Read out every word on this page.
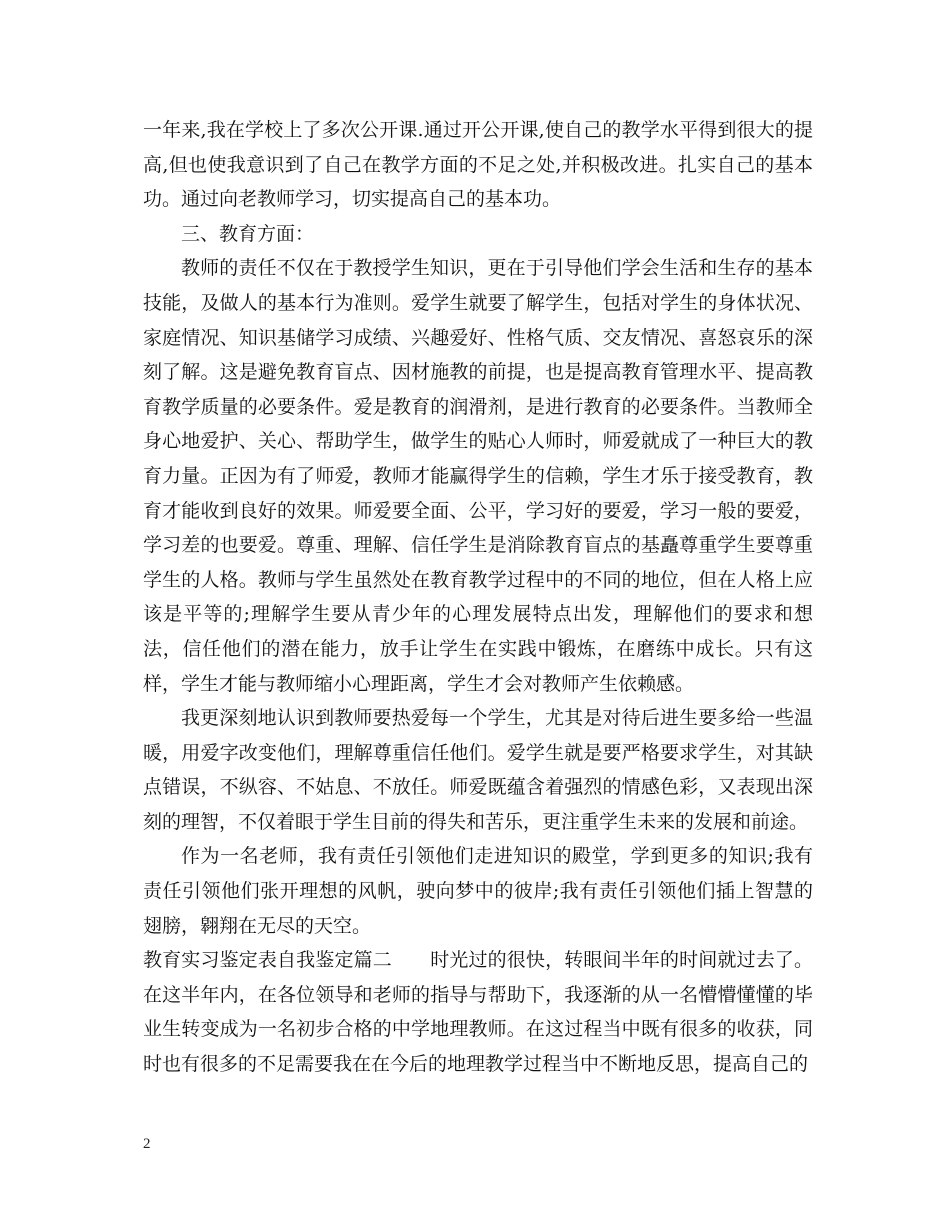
一年来,我在学校上了多次公开课.通过开公开课,使自己的教学水平得到很大的提高,但也使我意识到了自己在教学方面的不足之处,并积极改进。扎实自己的基本功。通过向老教师学习，切实提高自己的基本功。

三、教育方面：

教师的责任不仅在于教授学生知识，更在于引导他们学会生活和生存的基本技能，及做人的基本行为准则。爱学生就要了解学生，包括对学生的身体状况、家庭情况、知识基储学习成绩、兴趣爱好、性格气质、交友情况、喜怒哀乐的深刻了解。这是避免教育盲点、因材施教的前提，也是提高教育管理水平、提高教育教学质量的必要条件。爱是教育的润滑剂，是进行教育的必要条件。当教师全身心地爱护、关心、帮助学生，做学生的贴心人师时，师爱就成了一种巨大的教育力量。正因为有了师爱，教师才能赢得学生的信赖，学生才乐于接受教育，教育才能收到良好的效果。师爱要全面、公平，学习好的要爱，学习一般的要爱，学习差的也要爱。尊重、理解、信任学生是消除教育盲点的基矗尊重学生要尊重学生的人格。教师与学生虽然处在教育教学过程中的不同的地位，但在人格上应该是平等的;理解学生要从青少年的心理发展特点出发，理解他们的要求和想法，信任他们的潜在能力，放手让学生在实践中锻炼，在磨练中成长。只有这样，学生才能与教师缩小心理距离，学生才会对教师产生依赖感。

我更深刻地认识到教师要热爱每一个学生，尤其是对待后进生要多给一些温暖，用爱字改变他们，理解尊重信任他们。爱学生就是要严格要求学生，对其缺点错误，不纵容、不姑息、不放任。师爱既蕴含着强烈的情感色彩，又表现出深刻的理智，不仅着眼于学生目前的得失和苦乐，更注重学生未来的发展和前途。

作为一名老师，我有责任引领他们走进知识的殿堂，学到更多的知识;我有责任引领他们张开理想的风帆，驶向梦中的彼岸;我有责任引领他们插上智慧的翅膀，翱翔在无尽的天空。

教育实习鉴定表自我鉴定篇二　　时光过的很快，转眼间半年的时间就过去了。在这半年内，在各位领导和老师的指导与帮助下，我逐渐的从一名懵懵懂懂的毕业生转变成为一名初步合格的中学地理教师。在这过程当中既有很多的收获，同时也有很多的不足需要我在在今后的地理教学过程当中不断地反思，提高自己的

2
